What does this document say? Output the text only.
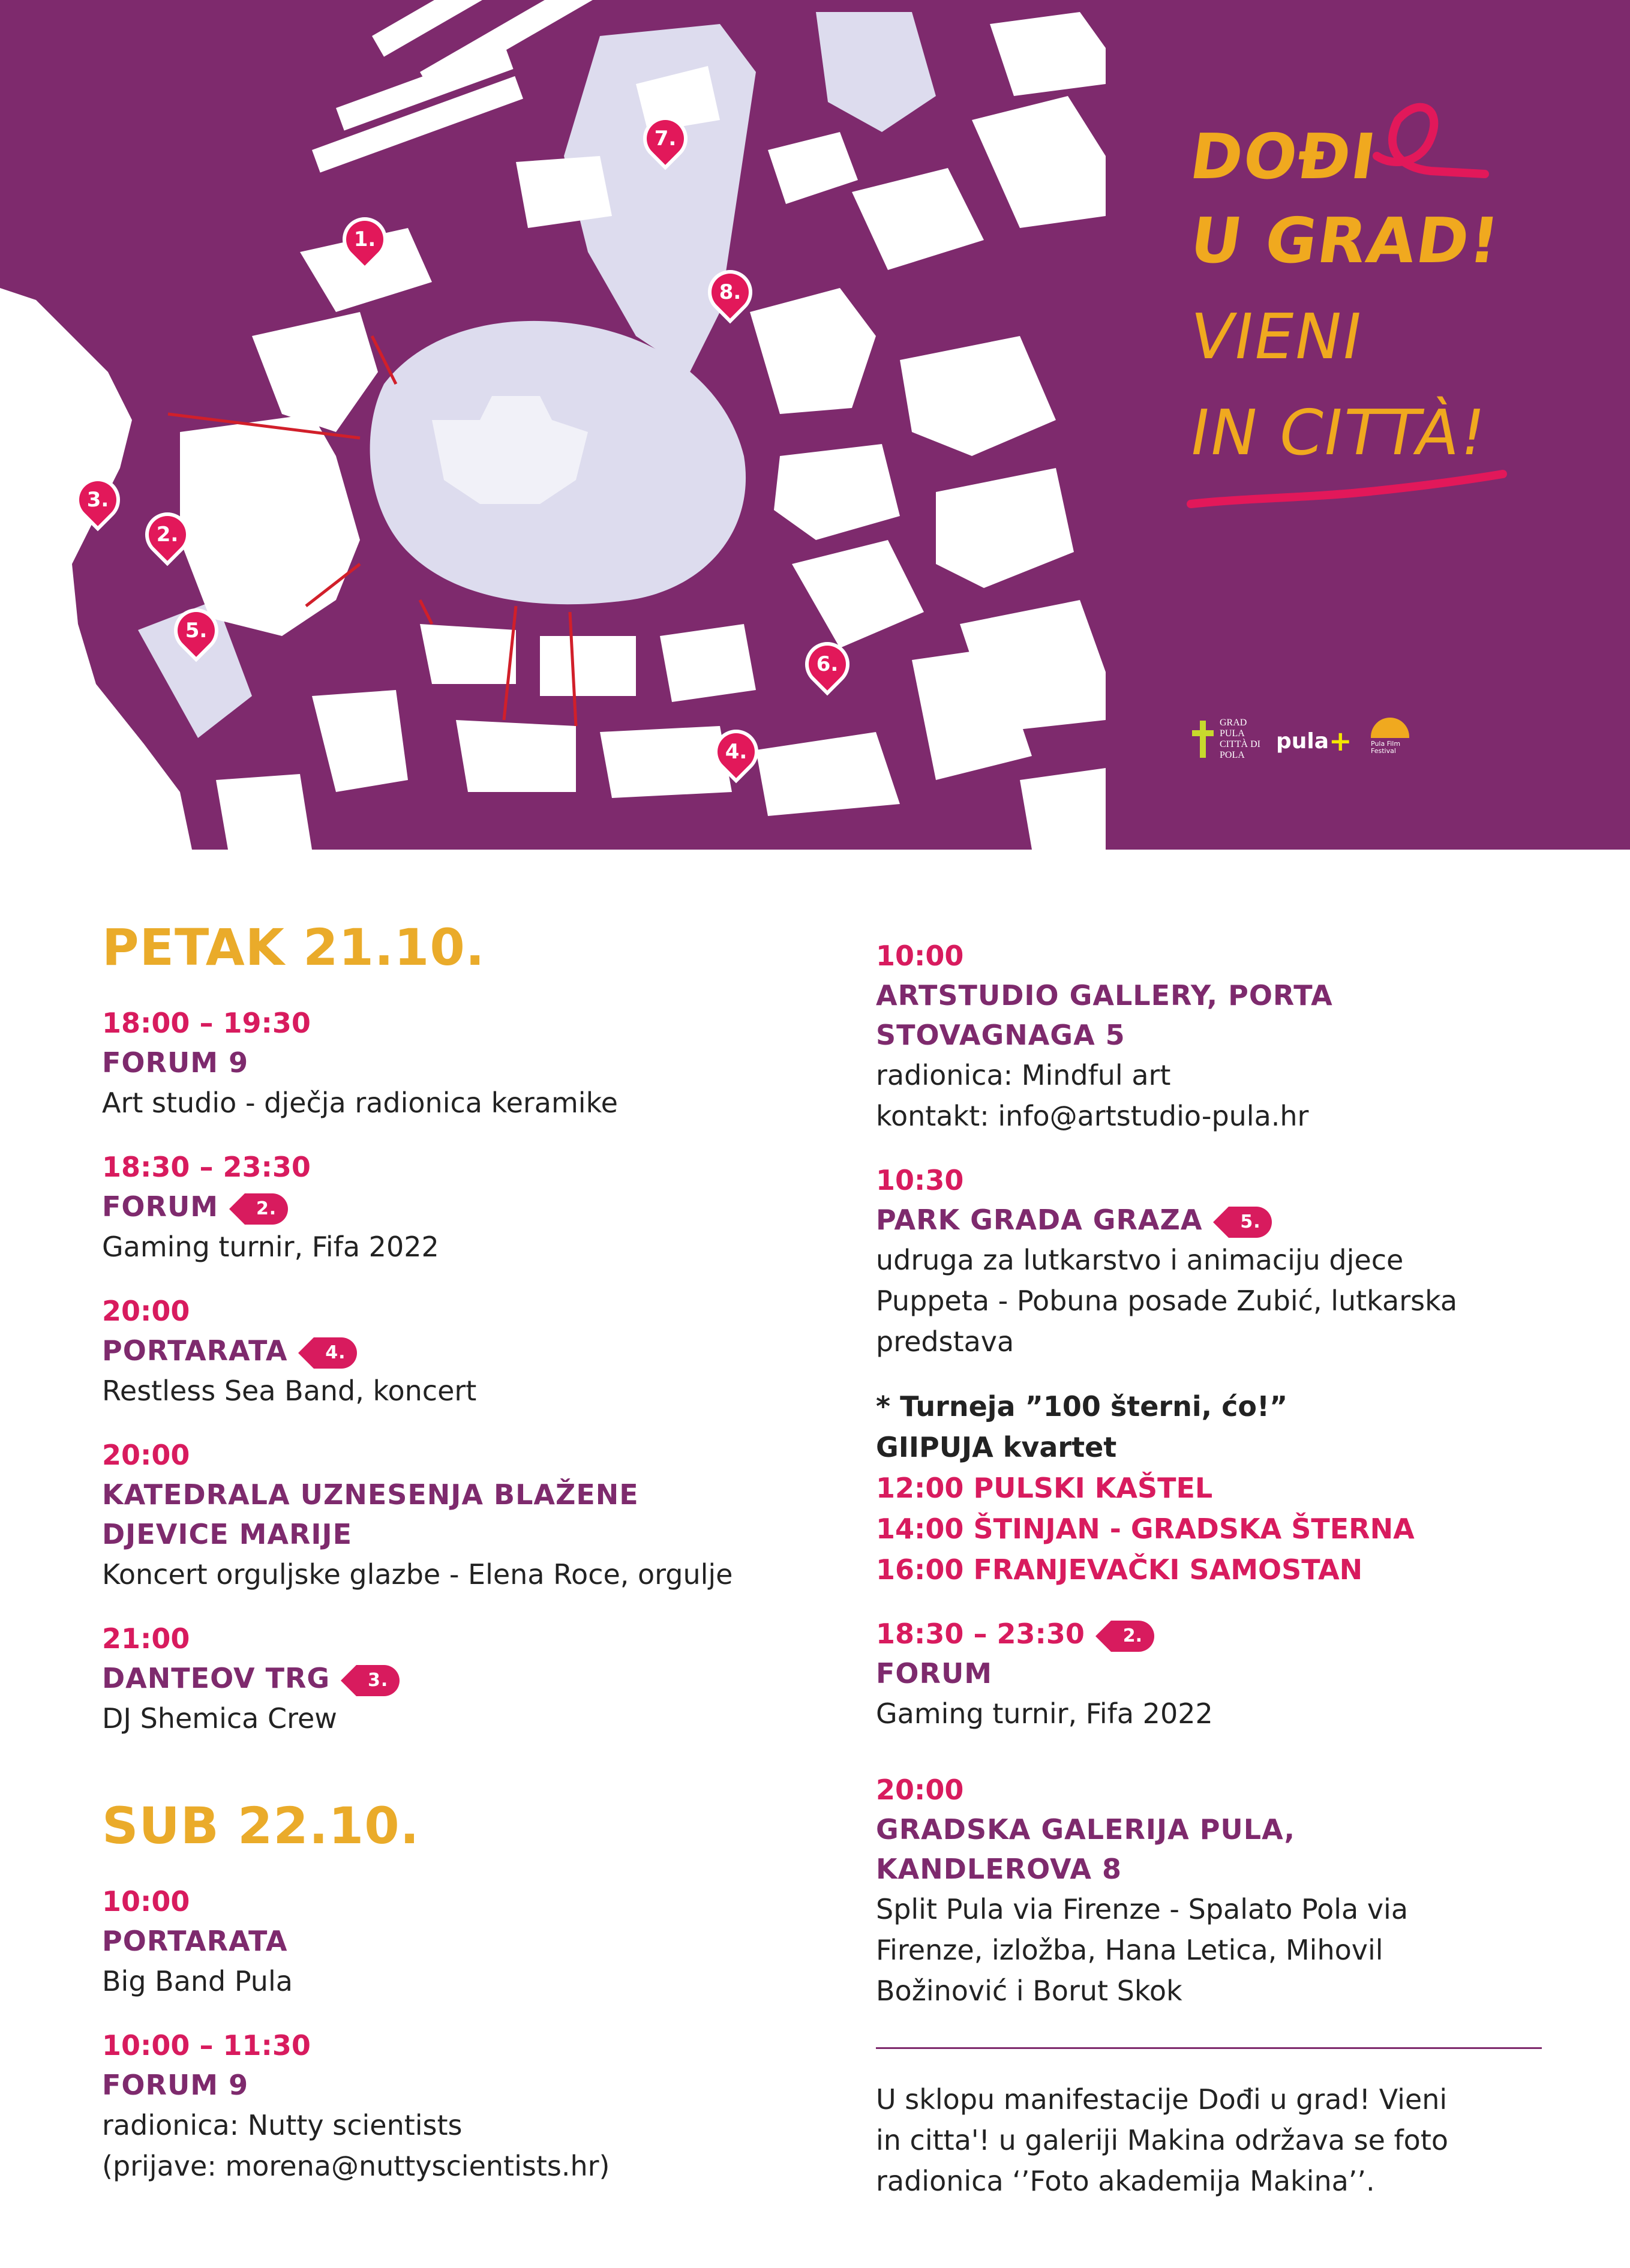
1.
2.
3.
4.
5.
6.
7.
8.
DOĐI
U GRAD!
VIENI
IN CITTÀ!
GRAD PULA CITTÀ DI POLA
pula+	Pula Film Festival
PETAK 21.10.
18:00 – 19:30
FORUM 9
Art studio - dječja radionica keramike
18:30 – 23:30
FORUM	2.
Gaming turnir, Fifa 2022
20:00
PORTARATA	4.
Restless Sea Band, koncert
20:00
KATEDRALA UZNESENJA BLAŽENE
DJEVICE MARIJE
Koncert orguljske glazbe - Elena Roce, orgulje
21:00
DANTEOV TRG	3.
DJ Shemica Crew
SUB 22.10.
10:00
PORTARATA
Big Band Pula
10:00 – 11:30
FORUM 9
radionica: Nutty scientists
(prijave: morena@nuttyscientists.hr)
10:00
ARTSTUDIO GALLERY, PORTA
STOVAGNAGA 5
radionica: Mindful art
kontakt: info@artstudio-pula.hr
10:30
PARK GRADA GRAZA	5.
udruga za lutkarstvo i animaciju djece
Puppeta - Pobuna posade Zubić, lutkarska
predstava
* Turneja ”100 šterni, ćo!”
GIIPUJA kvartet
12:00 PULSKI KAŠTEL
14:00 ŠTINJAN - GRADSKA ŠTERNA
16:00 FRANJEVAČKI SAMOSTAN
18:30 – 23:30	2.
FORUM
Gaming turnir, Fifa 2022
20:00
GRADSKA GALERIJA PULA,
KANDLEROVA 8
Split Pula via Firenze - Spalato Pola via
Firenze, izložba, Hana Letica, Mihovil
Božinović i Borut Skok
U sklopu manifestacije Dođi u grad! Vieni
in citta'! u galeriji Makina održava se foto
radionica ‘’Foto akademija Makina’’.
